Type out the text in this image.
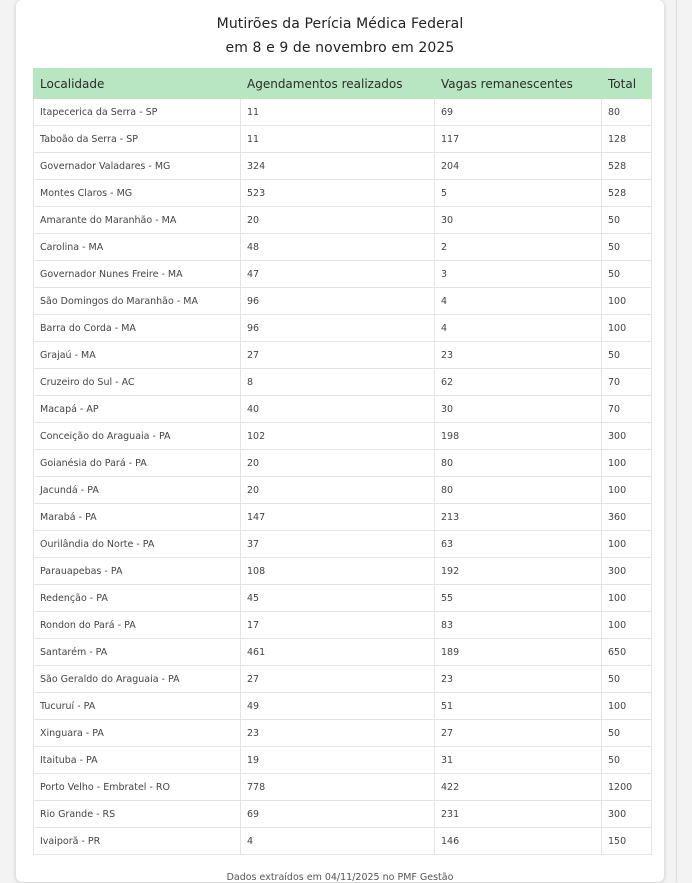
Mutirões da Perícia Médica Federal
em 8 e 9 de novembro em 2025
Localidade	Agendamentos realizados	Vagas remanescentes	Total
Itapecerica da Serra - SP	11	69	80
Taboão da Serra - SP	11	117	128
Governador Valadares - MG	324	204	528
Montes Claros - MG	523	5	528
Amarante do Maranhão - MA	20	30	50
Carolina - MA	48	2	50
Governador Nunes Freire - MA	47	3	50
São Domingos do Maranhão - MA	96	4	100
Barra do Corda - MA	96	4	100
Grajaú - MA	27	23	50
Cruzeiro do Sul - AC	8	62	70
Macapá - AP	40	30	70
Conceição do Araguaia - PA	102	198	300
Goianésia do Pará - PA	20	80	100
Jacundá - PA	20	80	100
Marabá - PA	147	213	360
Ourilândia do Norte - PA	37	63	100
Parauapebas - PA	108	192	300
Redenção - PA	45	55	100
Rondon do Pará - PA	17	83	100
Santarém - PA	461	189	650
São Geraldo do Araguaia - PA	27	23	50
Tucuruí - PA	49	51	100
Xinguara - PA	23	27	50
Itaituba - PA	19	31	50
Porto Velho - Embratel - RO	778	422	1200
Rio Grande - RS	69	231	300
Ivaiporã - PR	4	146	150
Dados extraídos em 04/11/2025 no PMF Gestão
